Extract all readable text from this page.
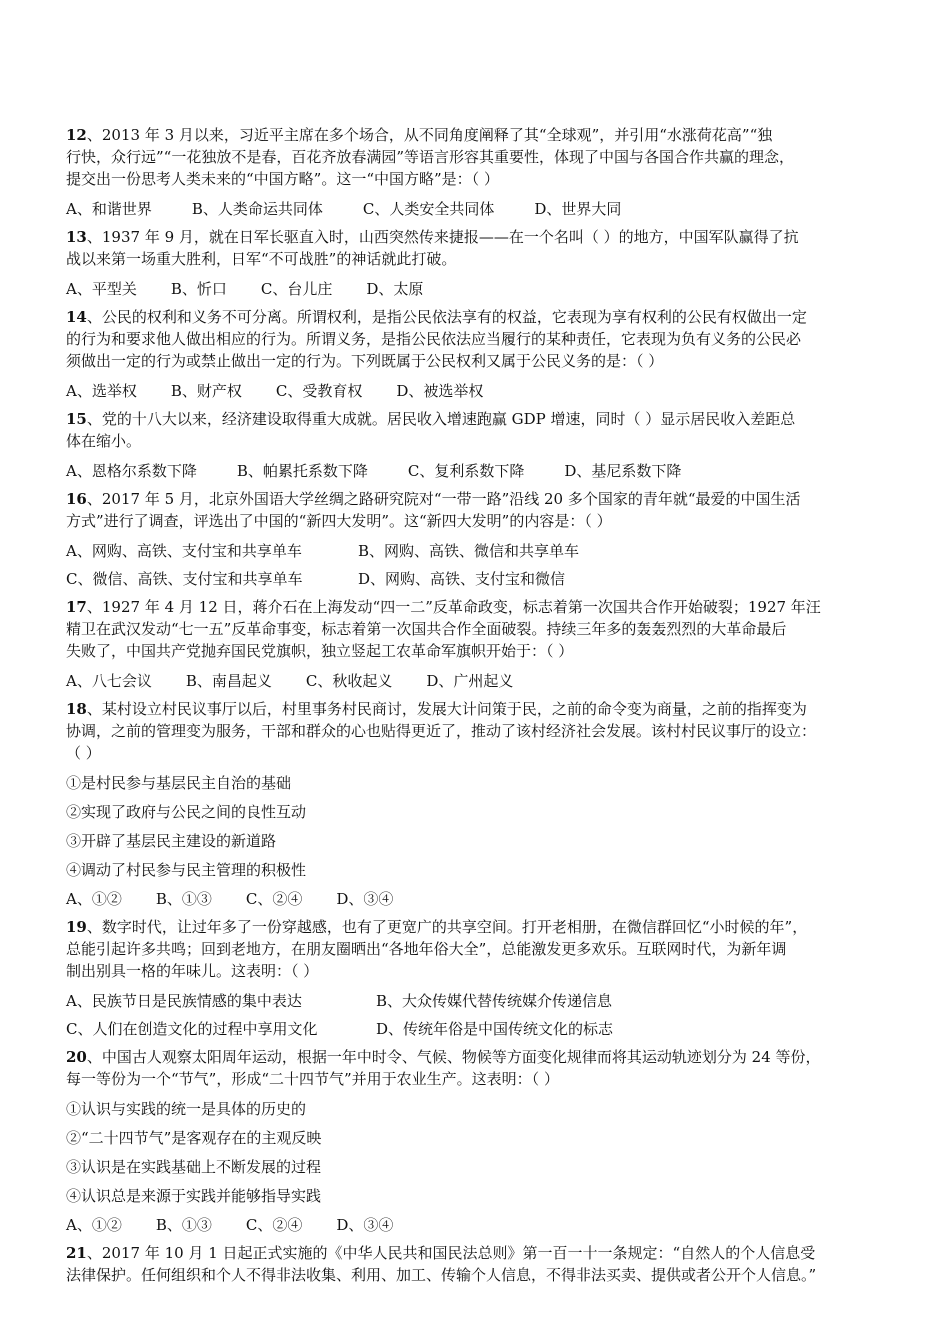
12、2013 年 3 月以来，习近平主席在多个场合，从不同角度阐释了其“全球观”，并引用“水涨荷花高”“独
行快，众行远”“一花独放不是春，百花齐放春满园”等语言形容其重要性，体现了中国与各国合作共赢的理念，
提交出一份思考人类未来的“中国方略”。这一“中国方略”是：（ ）

A、和谐世界	B、人类命运共同体	C、人类安全共同体	D、世界大同

13、1937 年 9 月，就在日军长驱直入时，山西突然传来捷报——在一个名叫（ ）的地方，中国军队赢得了抗
战以来第一场重大胜利，日军“不可战胜”的神话就此打破。

A、平型关 B、忻口 C、台儿庄 D、太原

14、公民的权利和义务不可分离。所谓权利，是指公民依法享有的权益，它表现为享有权利的公民有权做出一定
的行为和要求他人做出相应的行为。所谓义务，是指公民依法应当履行的某种责任，它表现为负有义务的公民必
须做出一定的行为或禁止做出一定的行为。下列既属于公民权利又属于公民义务的是：（ ）

A、选举权 B、财产权 C、受教育权 D、被选举权

15、党的十八大以来，经济建设取得重大成就。居民收入增速跑赢 GDP 增速，同时（ ）显示居民收入差距总
体在缩小。

A、恩格尔系数下降	B、帕累托系数下降	C、复利系数下降	D、基尼系数下降

16、2017 年 5 月，北京外国语大学丝绸之路研究院对“一带一路”沿线 20 多个国家的青年就“最爱的中国生活
方式”进行了调查，评选出了中国的“新四大发明”。这“新四大发明”的内容是：（ ）

A、网购、高铁、支付宝和共享单车	B、网购、高铁、微信和共享单车
C、微信、高铁、支付宝和共享单车	D、网购、高铁、支付宝和微信

17、1927 年 4 月 12 日，蒋介石在上海发动“四一二”反革命政变，标志着第一次国共合作开始破裂；1927 年汪
精卫在武汉发动“七一五”反革命事变，标志着第一次国共合作全面破裂。持续三年多的轰轰烈烈的大革命最后
失败了，中国共产党抛弃国民党旗帜，独立竖起工农革命军旗帜开始于：（ ）

A、八七会议 B、南昌起义 C、秋收起义 D、广州起义

18、某村设立村民议事厅以后，村里事务村民商讨，发展大计问策于民，之前的命令变为商量，之前的指挥变为
协调，之前的管理变为服务，干部和群众的心也贴得更近了，推动了该村经济社会发展。该村村民议事厅的设立：
（ ）

①是村民参与基层民主自治的基础

②实现了政府与公民之间的良性互动

③开辟了基层民主建设的新道路

④调动了村民参与民主管理的积极性

A、①② B、①③ C、②④ D、③④

19、数字时代，让过年多了一份穿越感，也有了更宽广的共享空间。打开老相册，在微信群回忆“小时候的年”，
总能引起许多共鸣；回到老地方，在朋友圈晒出“各地年俗大全”，总能激发更多欢乐。互联网时代，为新年调
制出别具一格的年味儿。这表明：（ ）

A、民族节日是民族情感的集中表达	B、大众传媒代替传统媒介传递信息
C、人们在创造文化的过程中享用文化	D、传统年俗是中国传统文化的标志

20、中国古人观察太阳周年运动，根据一年中时令、气候、物候等方面变化规律而将其运动轨迹划分为 24 等份，
每一等份为一个“节气”，形成“二十四节气”并用于农业生产。这表明：（ ）

①认识与实践的统一是具体的历史的

②“二十四节气”是客观存在的主观反映

③认识是在实践基础上不断发展的过程

④认识总是来源于实践并能够指导实践

A、①② B、①③ C、②④ D、③④

21、2017 年 10 月 1 日起正式实施的《中华人民共和国民法总则》第一百一十一条规定：“自然人的个人信息受
法律保护。任何组织和个人不得非法收集、利用、加工、传输个人信息，不得非法买卖、提供或者公开个人信息。”
